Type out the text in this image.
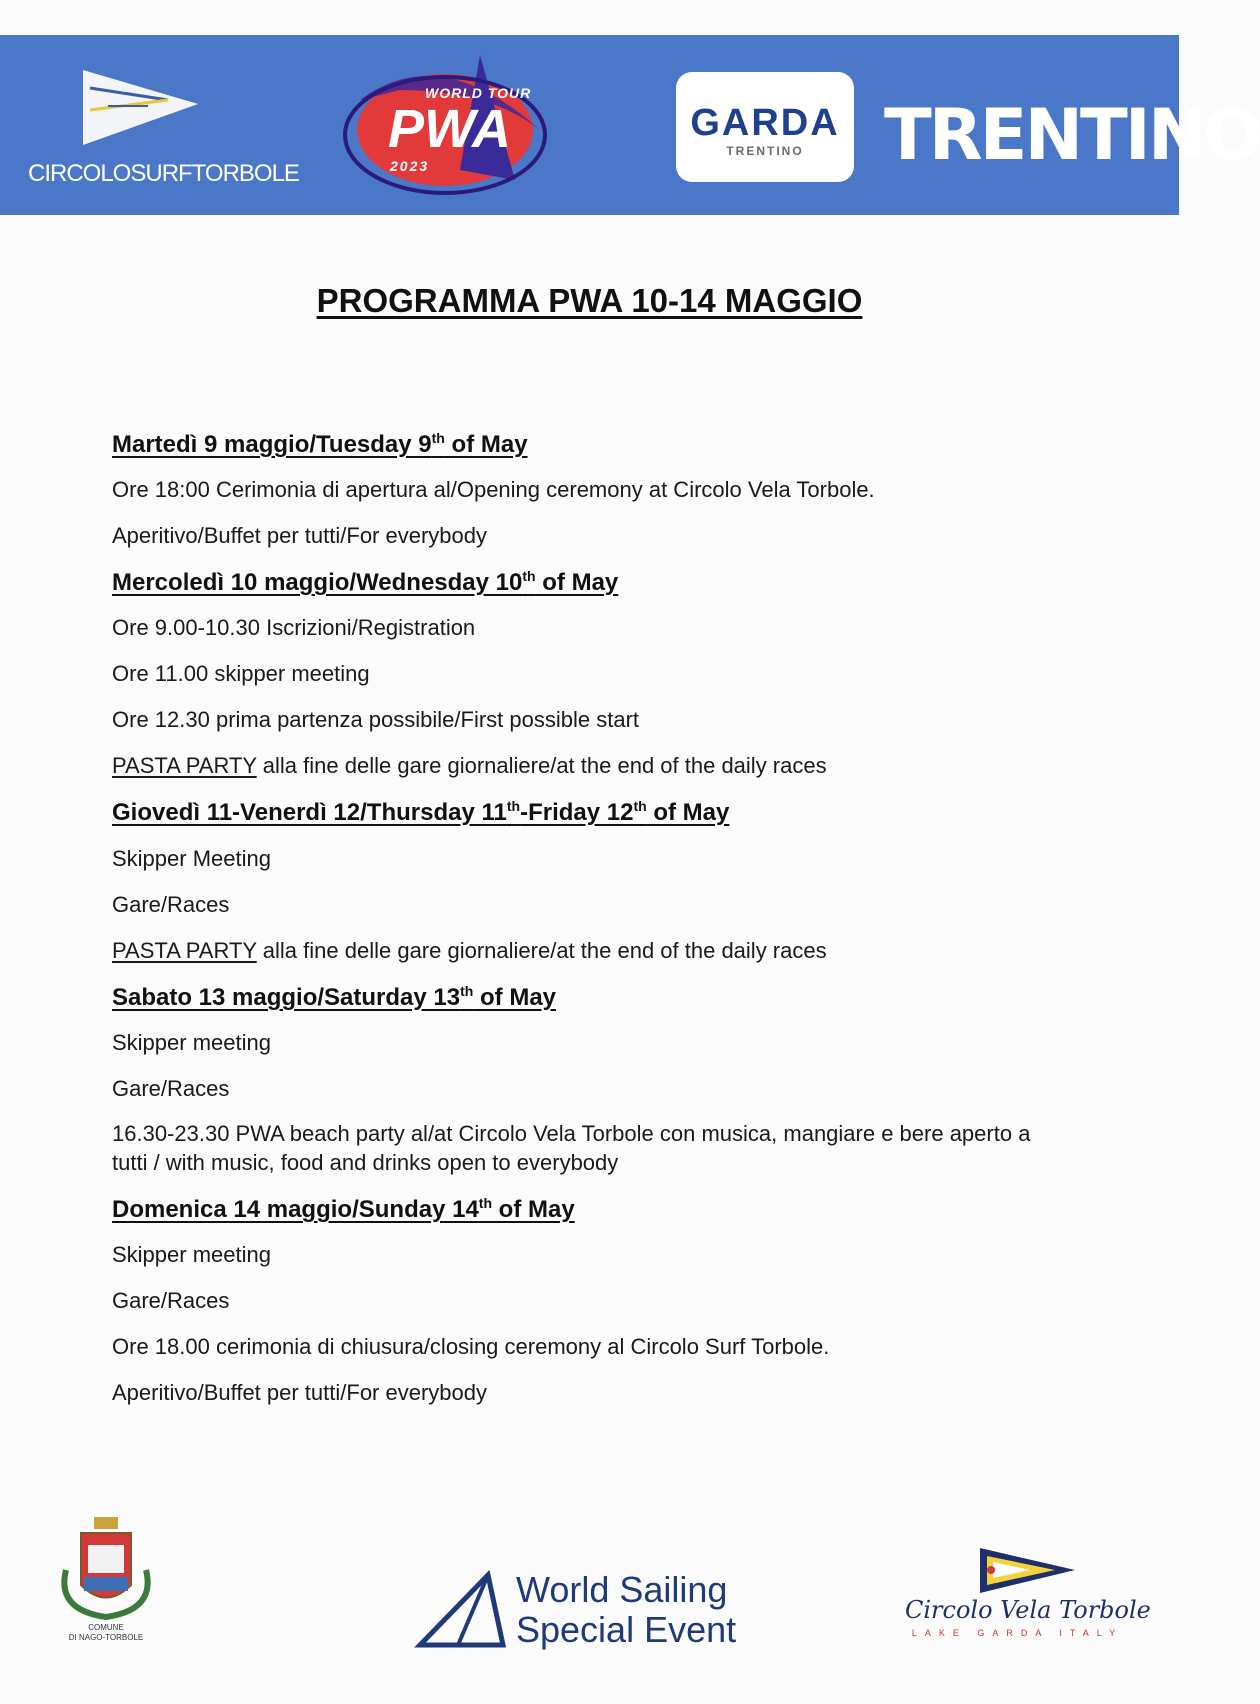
CIRCOLOSURFTORBOLE
WORLD TOUR
PWA
2023
GARDA
TRENTINO	TRENTINO
PROGRAMMA PWA 10-14 MAGGIO
Martedì 9 maggio/Tuesday 9th of May
Ore 18:00 Cerimonia di apertura al/Opening ceremony at Circolo Vela Torbole.
Aperitivo/Buffet per tutti/For everybody
Mercoledì 10 maggio/Wednesday 10th of May
Ore 9.00-10.30 Iscrizioni/Registration
Ore 11.00 skipper meeting
Ore 12.30 prima partenza possibile/First possible start
PASTA PARTY alla fine delle gare giornaliere/at the end of the daily races
Giovedì 11-Venerdì 12/Thursday 11th-Friday 12th of May
Skipper Meeting
Gare/Races
PASTA PARTY alla fine delle gare giornaliere/at the end of the daily races
Sabato 13 maggio/Saturday 13th of May
Skipper meeting
Gare/Races
16.30-23.30 PWA beach party al/at Circolo Vela Torbole con musica, mangiare e bere aperto a tutti / with music, food and drinks open to everybody
Domenica 14 maggio/Sunday 14th of May
Skipper meeting
Gare/Races
Ore 18.00 cerimonia di chiusura/closing ceremony al Circolo Surf Torbole.
Aperitivo/Buffet per tutti/For everybody
COMUNE
DI NAGO-TORBOLE
World Sailing
Special Event	Circolo Vela Torbole
LAKE GARDA ITALY
